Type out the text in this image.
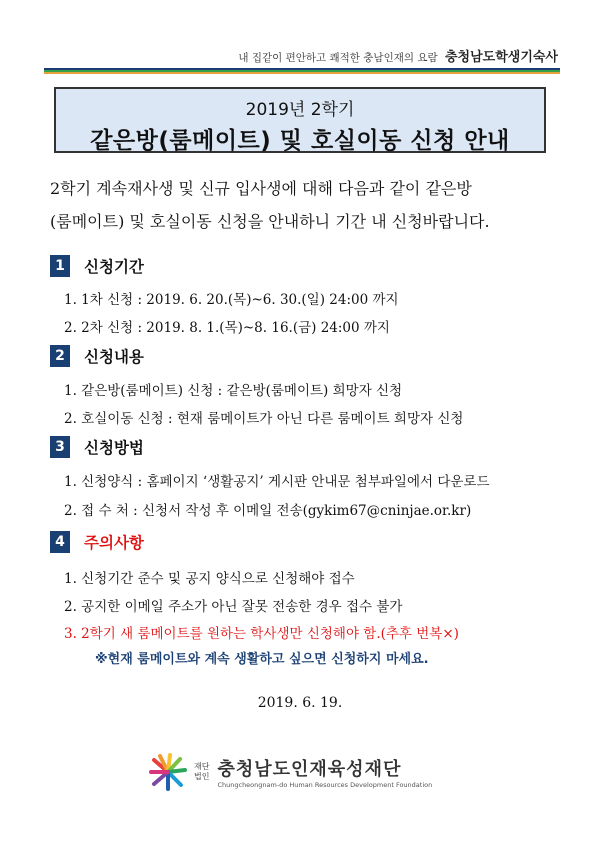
내 집같이 편안하고 쾌적한 충남인재의 요람 충청남도학생기숙사
2019년 2학기
같은방(룸메이트) 및 호실이동 신청 안내
2학기 계속재사생 및 신규 입사생에 대해 다음과 같이 같은방
(룸메이트) 및 호실이동 신청을 안내하니 기간 내 신청바랍니다.
1	신청기간
1. 1차 신청 : 2019. 6. 20.(목)~6. 30.(일) 24:00 까지
2. 2차 신청 : 2019. 8. 1.(목)~8. 16.(금) 24:00 까지
2	신청내용
1. 같은방(룸메이트) 신청 : 같은방(룸메이트) 희망자 신청
2. 호실이동 신청 : 현재 룸메이트가 아닌 다른 룸메이트 희망자 신청
3	신청방법
1. 신청양식 : 홈페이지 ‘생활공지’ 게시판 안내문 첨부파일에서 다운로드
2. 접 수 처 : 신청서 작성 후 이메일 전송(gykim67@cninjae.or.kr)
4	주의사항
1. 신청기간 준수 및 공지 양식으로 신청해야 접수
2. 공지한 이메일 주소가 아닌 잘못 전송한 경우 접수 불가
3. 2학기 새 룸메이트를 원하는 학사생만 신청해야 함.(추후 번복×)
※현재 룸메이트와 계속 생활하고 싶으면 신청하지 마세요.
2019. 6. 19.
재단
법인 충청남도인재육성재단
Chungcheongnam-do Human Resources Development Foundation
